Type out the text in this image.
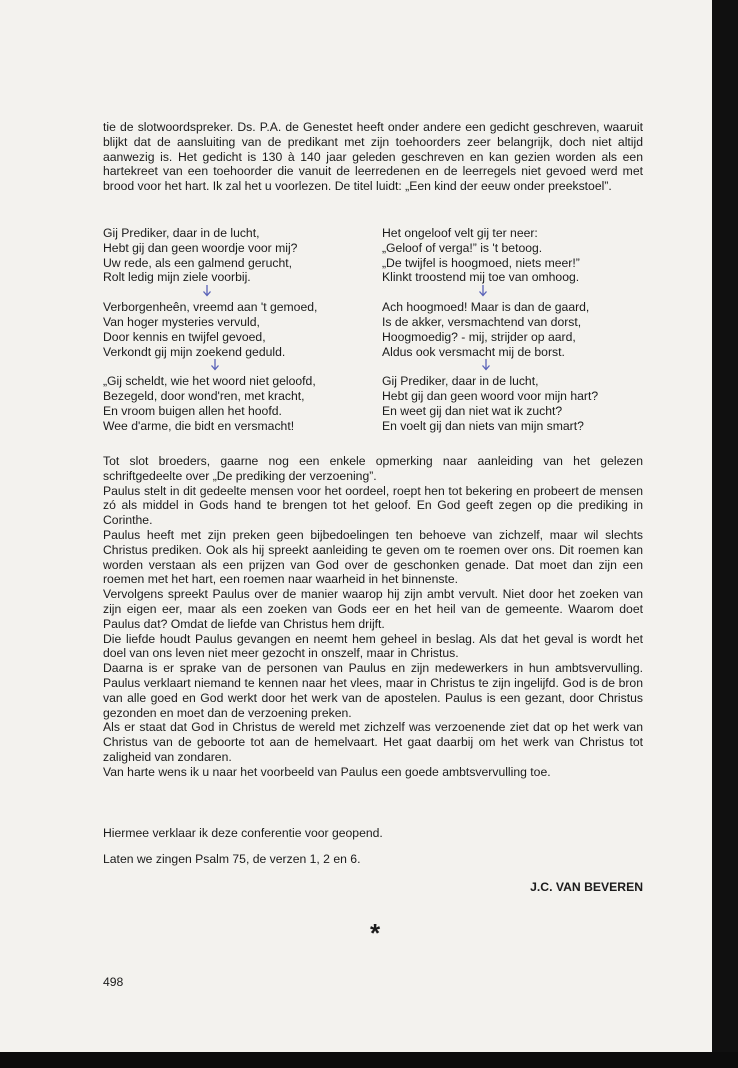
tie de slotwoordspreker. Ds. P.A. de Genestet heeft onder andere een gedicht geschreven, waaruit blijkt dat de aansluiting van de predikant met zijn toehoorders zeer belangrijk, doch niet altijd aanwezig is. Het gedicht is 130 à 140 jaar geleden geschreven en kan gezien worden als een hartekreet van een toehoorder die vanuit de leerredenen en de leerregels niet gevoed werd met brood voor het hart. Ik zal het u voorlezen. De titel luidt: „Een kind der eeuw onder preekstoel”.

Gij Prediker, daar in de lucht,
Hebt gij dan geen woordje voor mij?
Uw rede, als een galmend gerucht,
Rolt ledig mijn ziele voorbij.
Verborgenheên, vreemd aan 't gemoed,
Van hoger mysteries vervuld,
Door kennis en twijfel gevoed,
Verkondt gij mijn zoekend geduld.
„Gij scheldt, wie het woord niet geloofd,
Bezegeld, door wond'ren, met kracht,
En vroom buigen allen het hoofd.
Wee d'arme, die bidt en versmacht!
Het ongeloof velt gij ter neer:
„Geloof of verga!” is 't betoog.
„De twijfel is hoogmoed, niets meer!”
Klinkt troostend mij toe van omhoog.
Ach hoogmoed! Maar is dan de gaard,
Is de akker, versmachtend van dorst,
Hoogmoedig? - mij, strijder op aard,
Aldus ook versmacht mij de borst.
Gij Prediker, daar in de lucht,
Hebt gij dan geen woord voor mijn hart?
En weet gij dan niet wat ik zucht?
En voelt gij dan niets van mijn smart?

Tot slot broeders, gaarne nog een enkele opmerking naar aanleiding van het gelezen schriftgedeelte over „De prediking der verzoening”.

Paulus stelt in dit gedeelte mensen voor het oordeel, roept hen tot bekering en probeert de mensen zó als middel in Gods hand te brengen tot het geloof. En God geeft zegen op die prediking in Corinthe.

Paulus heeft met zijn preken geen bijbedoelingen ten behoeve van zichzelf, maar wil slechts Christus prediken. Ook als hij spreekt aanleiding te geven om te roemen over ons. Dit roemen kan worden verstaan als een prijzen van God over de geschonken genade. Dat moet dan zijn een roemen met het hart, een roemen naar waarheid in het binnenste.

Vervolgens spreekt Paulus over de manier waarop hij zijn ambt vervult. Niet door het zoeken van zijn eigen eer, maar als een zoeken van Gods eer en het heil van de gemeente. Waarom doet Paulus dat? Omdat de liefde van Christus hem drijft.

Die liefde houdt Paulus gevangen en neemt hem geheel in beslag. Als dat het geval is wordt het doel van ons leven niet meer gezocht in onszelf, maar in Christus.

Daarna is er sprake van de personen van Paulus en zijn medewerkers in hun ambtsvervulling. Paulus verklaart niemand te kennen naar het vlees, maar in Christus te zijn ingelijfd. God is de bron van alle goed en God werkt door het werk van de apostelen. Paulus is een gezant, door Christus gezonden en moet dan de verzoening preken.

Als er staat dat God in Christus de wereld met zichzelf was verzoenende ziet dat op het werk van Christus van de geboorte tot aan de hemelvaart. Het gaat daarbij om het werk van Christus tot zaligheid van zondaren.

Van harte wens ik u naar het voorbeeld van Paulus een goede ambtsvervulling toe.

Hiermee verklaar ik deze conferentie voor geopend.

Laten we zingen Psalm 75, de verzen 1, 2 en 6.

J.C. VAN BEVEREN
*
498
